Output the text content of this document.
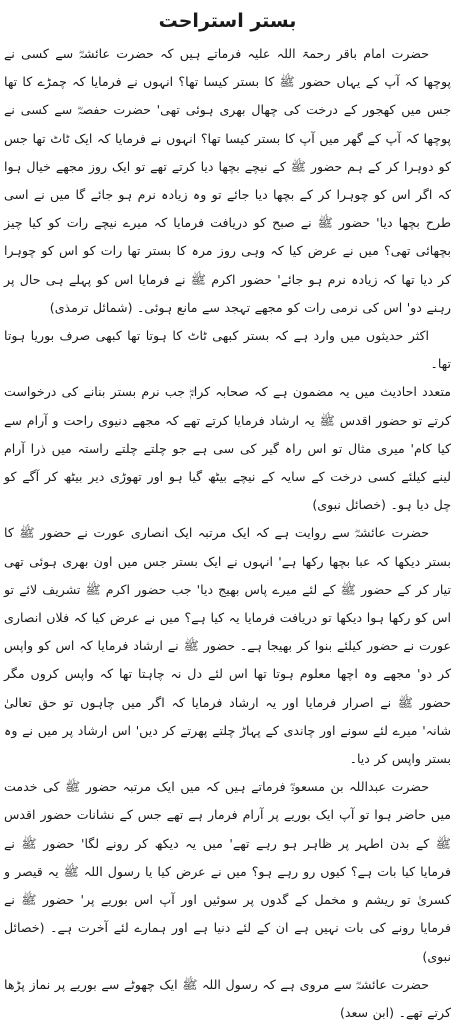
بستر استراحت

حضرت امام باقر رحمۃ اللہ علیہ فرماتے ہیں کہ حضرت عائشہؓ سے کسی نے پوچھا کہ آپ کے یہاں حضور ﷺ کا بستر کیسا تھا؟ انہوں نے فرمایا کہ چمڑے کا تھا جس میں کھجور کے درخت کی چھال بھری ہوئی تھی' حضرت حفصہؓ سے کسی نے پوچھا کہ آپ کے گھر میں آپ کا بستر کیسا تھا؟ انہوں نے فرمایا کہ ایک ٹاٹ تھا جس کو دوہرا کر کے ہم حضور ﷺ کے نیچے بچھا دیا کرتے تھے تو ایک روز مجھے خیال ہوا کہ اگر اس کو چوہرا کر کے بچھا دیا جائے تو وہ زیادہ نرم ہو جائے گا میں نے اسی طرح بچھا دیا' حضور ﷺ نے صبح کو دریافت فرمایا کہ میرے نیچے رات کو کیا چیز بچھائی تھی؟ میں نے عرض کیا کہ وہی روز مرہ کا بستر تھا رات کو اس کو چوہرا کر دیا تھا کہ زیادہ نرم ہو جائے' حضور اکرم ﷺ نے فرمایا اس کو پہلے ہی حال پر رہنے دو' اس کی نرمی رات کو مجھے تہجد سے مانع ہوئی۔ (شمائل ترمذی)

اکثر حدیثوں میں وارد ہے کہ بستر کبھی ٹاٹ کا ہوتا تھا کبھی صرف بوریا ہوتا تھا۔

متعدد احادیث میں یہ مضمون ہے کہ صحابہ کرامؓ جب نرم بستر بنانے کی درخواست کرتے تو حضور اقدس ﷺ یہ ارشاد فرمایا کرتے تھے کہ مجھے دنیوی راحت و آرام سے کیا کام' میری مثال تو اس راہ گیر کی سی ہے جو چلتے چلتے راستہ میں ذرا آرام لینے کیلئے کسی درخت کے سایہ کے نیچے بیٹھ گیا ہو اور تھوڑی دیر بیٹھ کر آگے کو چل دیا ہو۔ (خصائل نبوی)

حضرت عائشہؓ سے روایت ہے کہ ایک مرتبہ ایک انصاری عورت نے حضور ﷺ کا بستر دیکھا کہ عبا بچھا رکھا ہے' انہوں نے ایک بستر جس میں اون بھری ہوئی تھی تیار کر کے حضور ﷺ کے لئے میرے پاس بھیج دیا' جب حضور اکرم ﷺ تشریف لائے تو اس کو رکھا ہوا دیکھا تو دریافت فرمایا یہ کیا ہے؟ میں نے عرض کیا کہ فلاں انصاری عورت نے حضور کیلئے بنوا کر بھیجا ہے۔ حضور ﷺ نے ارشاد فرمایا کہ اس کو واپس کر دو' مجھے وہ اچھا معلوم ہوتا تھا اس لئے دل نہ چاہتا تھا کہ واپس کروں مگر حضور ﷺ نے اصرار فرمایا اور یہ ارشاد فرمایا کہ اگر میں چاہوں تو حق تعالیٰ شانہ' میرے لئے سونے اور چاندی کے پہاڑ چلتے پھرتے کر دیں' اس ارشاد پر میں نے وہ بستر واپس کر دیا۔

حضرت عبداللہ بن مسعودؓ فرماتے ہیں کہ میں ایک مرتبہ حضور ﷺ کی خدمت میں حاضر ہوا تو آپ ایک بوریے پر آرام فرمار ہے تھے جس کے نشانات حضور اقدس ﷺ کے بدن اطہر پر ظاہر ہو رہے تھے' میں یہ دیکھ کر رونے لگا' حضور ﷺ نے فرمایا کیا بات ہے؟ کیوں رو رہے ہو؟ میں نے عرض کیا یا رسول اللہ ﷺ یہ قیصر و کسریٰ تو ریشم و مخمل کے گدوں پر سوئیں اور آپ اس بوریے پر' حضور ﷺ نے فرمایا رونے کی بات نہیں ہے ان کے لئے دنیا ہے اور ہمارے لئے آخرت ہے۔ (خصائل نبوی)

حضرت عائشہؓ سے مروی ہے کہ رسول اللہ ﷺ ایک چھوٹے سے بوریے پر نماز پڑھا کرتے تھے۔ (ابن سعد)
